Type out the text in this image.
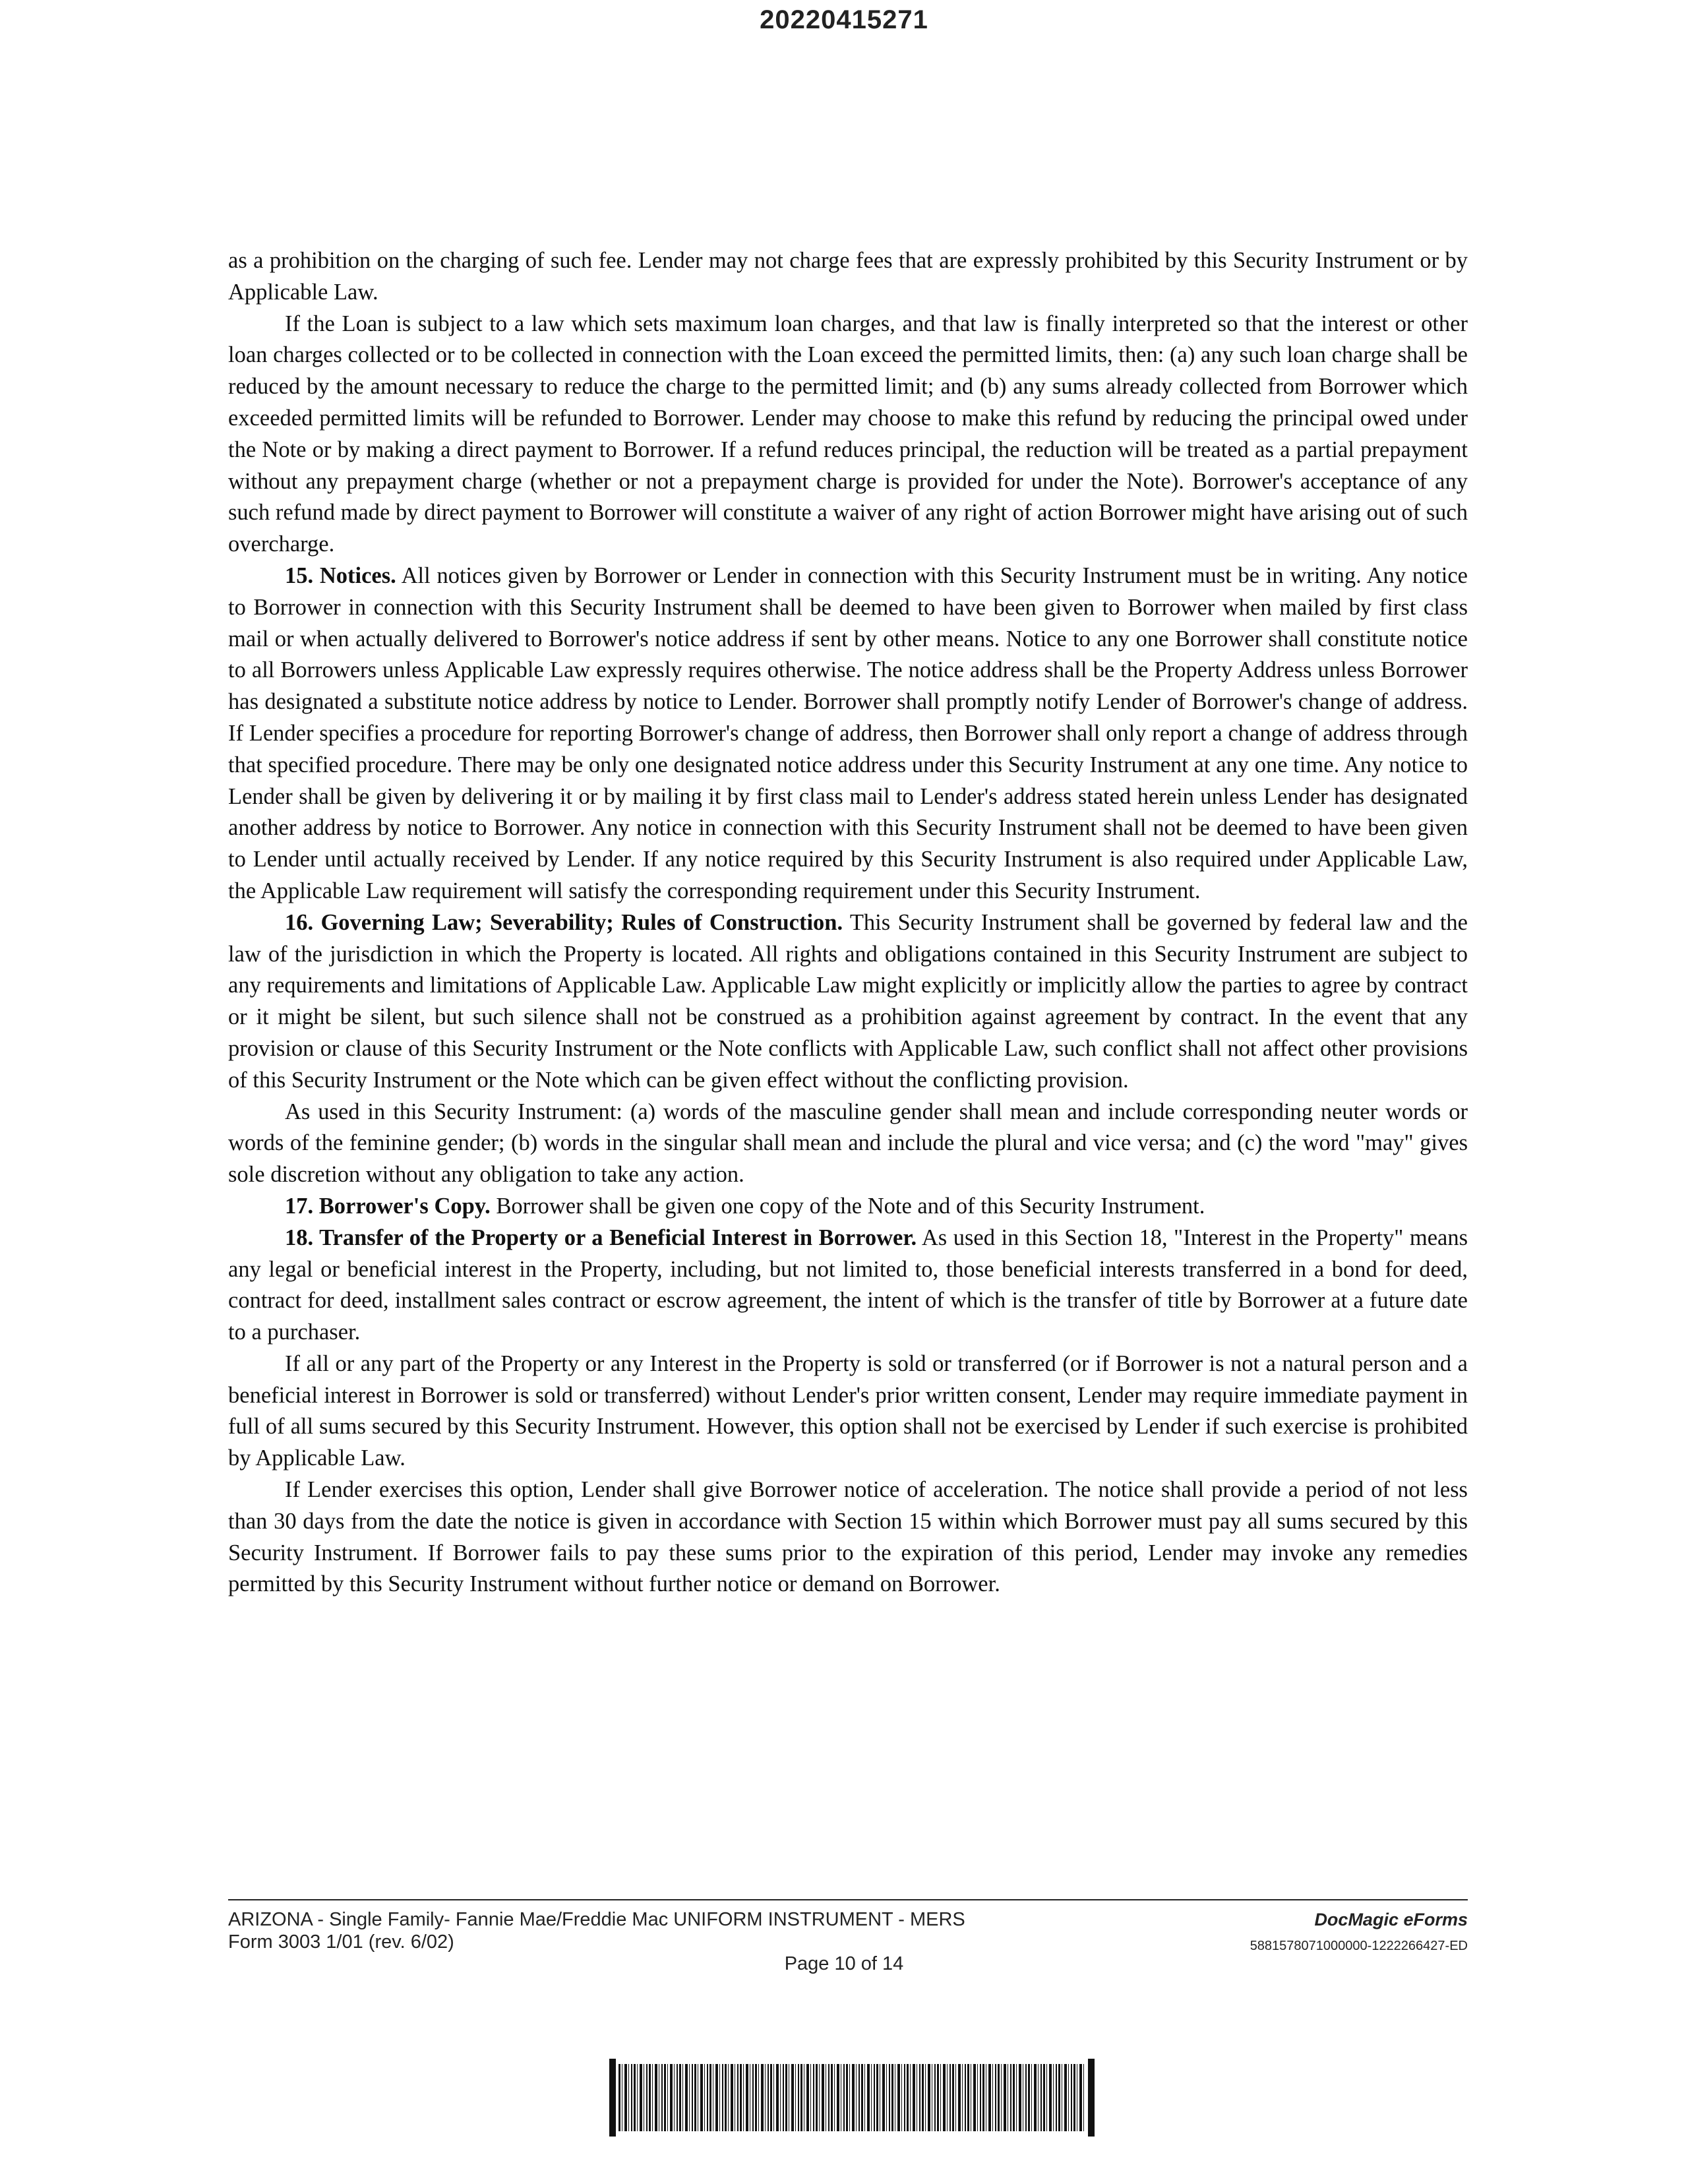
20220415271

as a prohibition on the charging of such fee. Lender may not charge fees that are expressly prohibited by this Security Instrument or by Applicable Law.

If the Loan is subject to a law which sets maximum loan charges, and that law is finally interpreted so that the interest or other loan charges collected or to be collected in connection with the Loan exceed the permitted limits, then: (a) any such loan charge shall be reduced by the amount necessary to reduce the charge to the permitted limit; and (b) any sums already collected from Borrower which exceeded permitted limits will be refunded to Borrower. Lender may choose to make this refund by reducing the principal owed under the Note or by making a direct payment to Borrower. If a refund reduces principal, the reduction will be treated as a partial prepayment without any prepayment charge (whether or not a prepayment charge is provided for under the Note). Borrower's acceptance of any such refund made by direct payment to Borrower will constitute a waiver of any right of action Borrower might have arising out of such overcharge.

15. Notices. All notices given by Borrower or Lender in connection with this Security Instrument must be in writing. Any notice to Borrower in connection with this Security Instrument shall be deemed to have been given to Borrower when mailed by first class mail or when actually delivered to Borrower's notice address if sent by other means. Notice to any one Borrower shall constitute notice to all Borrowers unless Applicable Law expressly requires otherwise. The notice address shall be the Property Address unless Borrower has designated a substitute notice address by notice to Lender. Borrower shall promptly notify Lender of Borrower's change of address. If Lender specifies a procedure for reporting Borrower's change of address, then Borrower shall only report a change of address through that specified procedure. There may be only one designated notice address under this Security Instrument at any one time. Any notice to Lender shall be given by delivering it or by mailing it by first class mail to Lender's address stated herein unless Lender has designated another address by notice to Borrower. Any notice in connection with this Security Instrument shall not be deemed to have been given to Lender until actually received by Lender. If any notice required by this Security Instrument is also required under Applicable Law, the Applicable Law requirement will satisfy the corresponding requirement under this Security Instrument.

16. Governing Law; Severability; Rules of Construction. This Security Instrument shall be governed by federal law and the law of the jurisdiction in which the Property is located. All rights and obligations contained in this Security Instrument are subject to any requirements and limitations of Applicable Law. Applicable Law might explicitly or implicitly allow the parties to agree by contract or it might be silent, but such silence shall not be construed as a prohibition against agreement by contract. In the event that any provision or clause of this Security Instrument or the Note conflicts with Applicable Law, such conflict shall not affect other provisions of this Security Instrument or the Note which can be given effect without the conflicting provision.

As used in this Security Instrument: (a) words of the masculine gender shall mean and include corresponding neuter words or words of the feminine gender; (b) words in the singular shall mean and include the plural and vice versa; and (c) the word "may" gives sole discretion without any obligation to take any action.

17. Borrower's Copy. Borrower shall be given one copy of the Note and of this Security Instrument.

18. Transfer of the Property or a Beneficial Interest in Borrower. As used in this Section 18, "Interest in the Property" means any legal or beneficial interest in the Property, including, but not limited to, those beneficial interests transferred in a bond for deed, contract for deed, installment sales contract or escrow agreement, the intent of which is the transfer of title by Borrower at a future date to a purchaser.

If all or any part of the Property or any Interest in the Property is sold or transferred (or if Borrower is not a natural person and a beneficial interest in Borrower is sold or transferred) without Lender's prior written consent, Lender may require immediate payment in full of all sums secured by this Security Instrument. However, this option shall not be exercised by Lender if such exercise is prohibited by Applicable Law.

If Lender exercises this option, Lender shall give Borrower notice of acceleration. The notice shall provide a period of not less than 30 days from the date the notice is given in accordance with Section 15 within which Borrower must pay all sums secured by this Security Instrument. If Borrower fails to pay these sums prior to the expiration of this period, Lender may invoke any remedies permitted by this Security Instrument without further notice or demand on Borrower.

ARIZONA - Single Family- Fannie Mae/Freddie Mac UNIFORM INSTRUMENT - MERS
Form 3003 1/01 (rev. 6/02)
DocMagic eForms
5881578071000000-1222266427-ED
Page 10 of 14
